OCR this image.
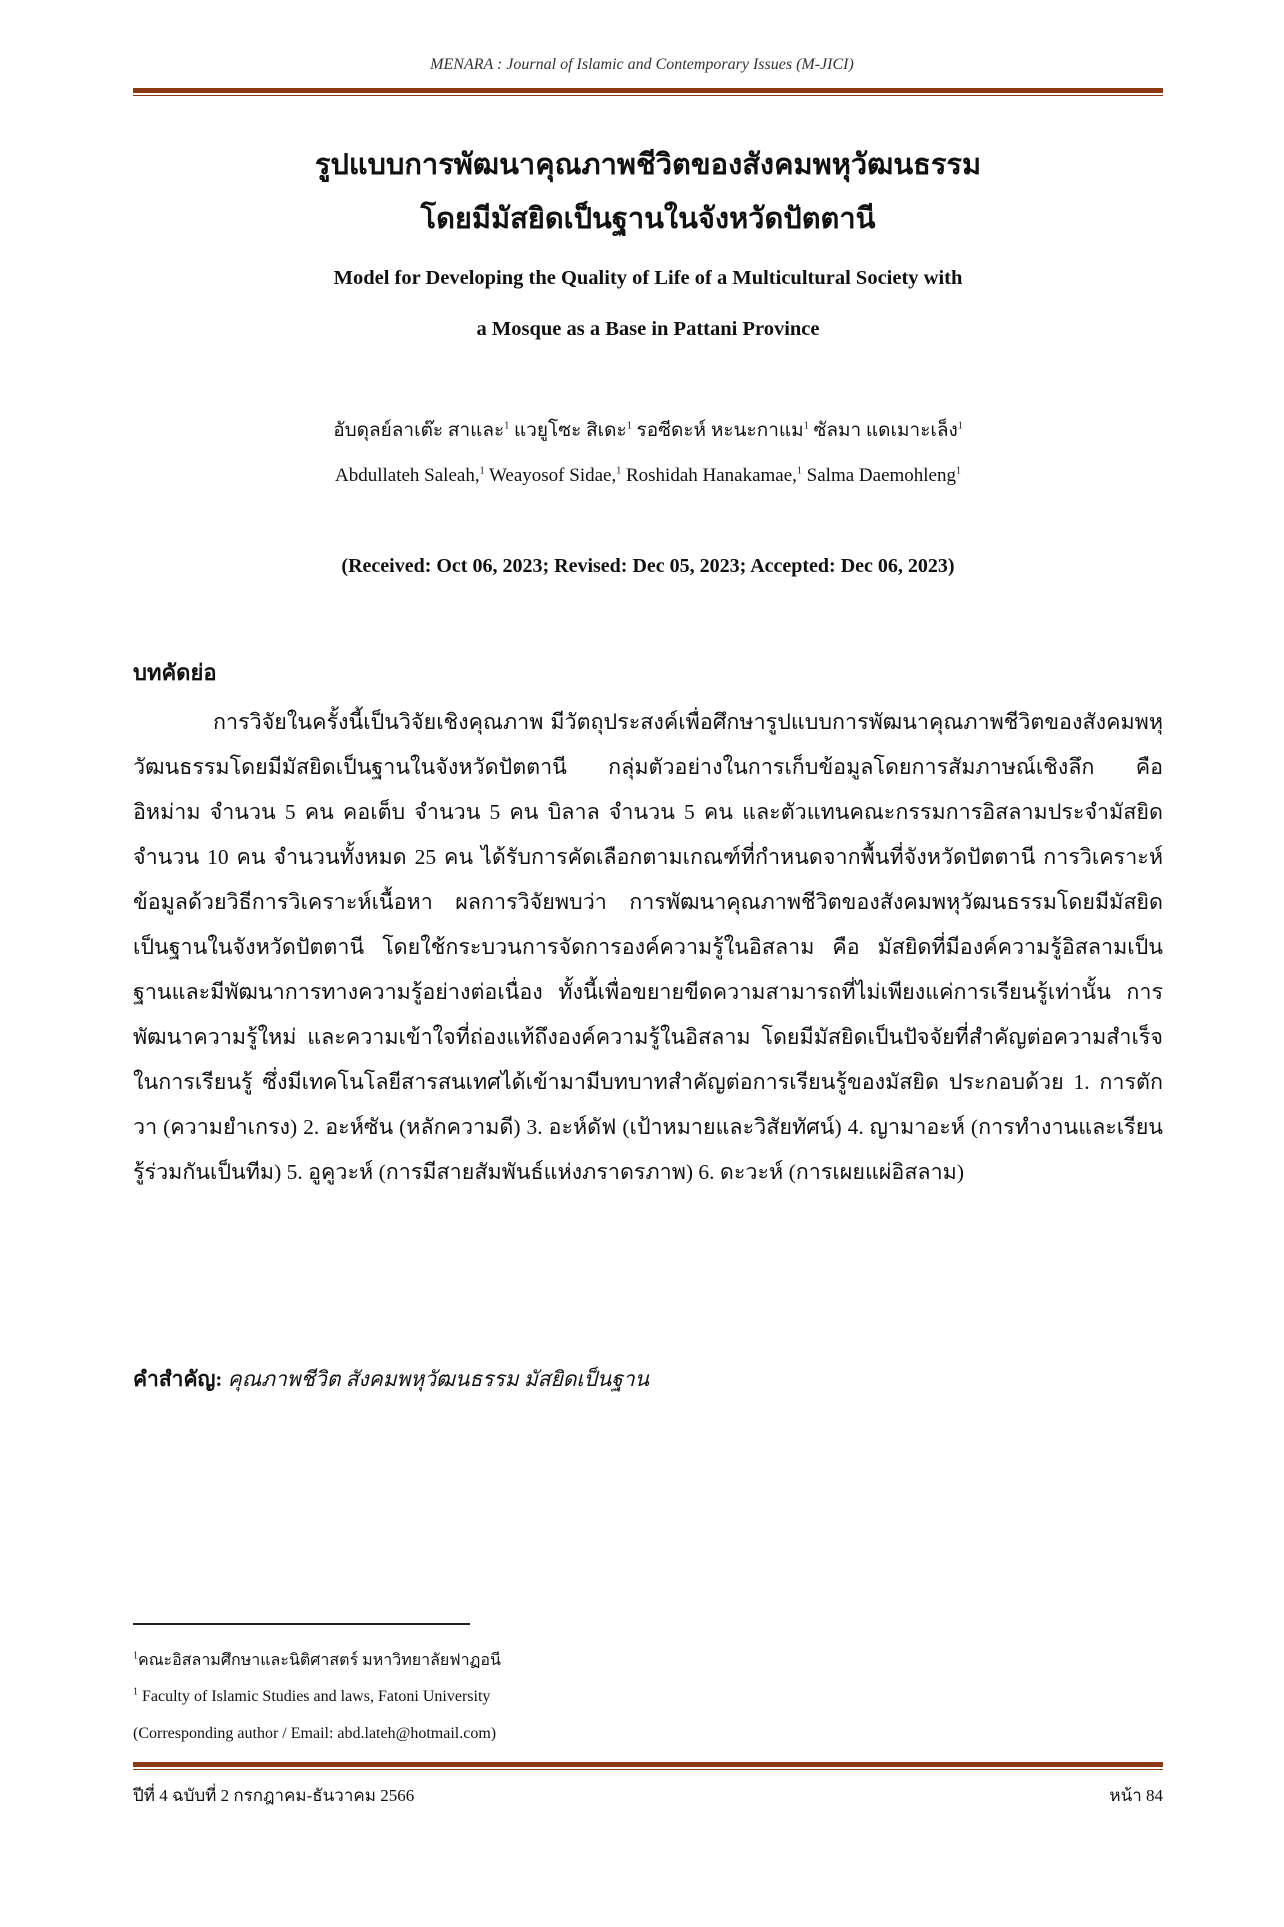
MENARA : Journal of Islamic and Contemporary Issues (M-JICI)
รูปแบบการพัฒนาคุณภาพชีวิตของสังคมพหุวัฒนธรรม
โดยมีมัสยิดเป็นฐานในจังหวัดปัตตานี
Model for Developing the Quality of Life of a Multicultural Society with
a Mosque as a Base in Pattani Province
อับดุลย์ลาเต๊ะ สาและ$^1$ แวยูโซะ สิเดะ$^1$ รอซีดะห์ หะนะกาแม$^1$ ซัลมา แดเมาะเล็ง$^1$
Abdullateh Saleah,$^1$ Weayosof Sidae,$^1$ Roshidah Hanakamae,$^1$ Salma Daemohleng$^1$
(Received: Oct 06, 2023; Revised: Dec 05, 2023; Accepted: Dec 06, 2023)
บทคัดย่อ
การวิจัยในครั้งนี้เป็นวิจัยเชิงคุณภาพ มีวัตถุประสงค์เพื่อศึกษารูปแบบการพัฒนาคุณภาพชีวิตของสังคมพหุวัฒนธรรมโดยมีมัสยิดเป็นฐานในจังหวัดปัตตานี กลุ่มตัวอย่างในการเก็บข้อมูลโดยการสัมภาษณ์เชิงลึก คือ อิหม่าม จำนวน 5 คน คอเต็บ จำนวน 5 คน บิลาล จำนวน 5 คน และตัวแทนคณะกรรมการอิสลามประจำมัสยิด จำนวน 10 คน จำนวนทั้งหมด 25 คน ได้รับการคัดเลือกตามเกณฑ์ที่กำหนดจากพื้นที่จังหวัดปัตตานี การวิเคราะห์ข้อมูลด้วยวิธีการวิเคราะห์เนื้อหา ผลการวิจัยพบว่า การพัฒนาคุณภาพชีวิตของสังคมพหุวัฒนธรรมโดยมีมัสยิดเป็นฐานในจังหวัดปัตตานี โดยใช้กระบวนการจัดการองค์ความรู้ในอิสลาม คือ มัสยิดที่มีองค์ความรู้อิสลามเป็นฐานและมีพัฒนาการทางความรู้อย่างต่อเนื่อง ทั้งนี้เพื่อขยายขีดความสามารถที่ไม่เพียงแค่การเรียนรู้เท่านั้น การพัฒนาความรู้ใหม่ และความเข้าใจที่ถ่องแท้ถึงองค์ความรู้ในอิสลาม โดยมีมัสยิดเป็นปัจจัยที่สำคัญต่อความสำเร็จในการเรียนรู้ ซึ่งมีเทคโนโลยีสารสนเทศได้เข้ามามีบทบาทสำคัญต่อการเรียนรู้ของมัสยิด ประกอบด้วย 1. การตักวา (ความยำเกรง) 2. อะห์ซัน (หลักความดี) 3. อะห์ดัฟ (เป้าหมายและวิสัยทัศน์) 4. ญามาอะห์ (การทำงานและเรียนรู้ร่วมกันเป็นทีม) 5. อูคูวะห์ (การมีสายสัมพันธ์แห่งภราดรภาพ) 6. ดะวะห์ (การเผยแผ่อิสลาม)
คำสำคัญ: คุณภาพชีวิต สังคมพหุวัฒนธรรม มัสยิดเป็นฐาน
$^1$คณะอิสลามศึกษาและนิติศาสตร์ มหาวิทยาลัยฟาฏอนี
$^1$ Faculty of Islamic Studies and laws, Fatoni University
(Corresponding author / Email: abd.lateh@hotmail.com)
ปีที่ 4 ฉบับที่ 2 กรกฎาคม-ธันวาคม 2566	หน้า 84
